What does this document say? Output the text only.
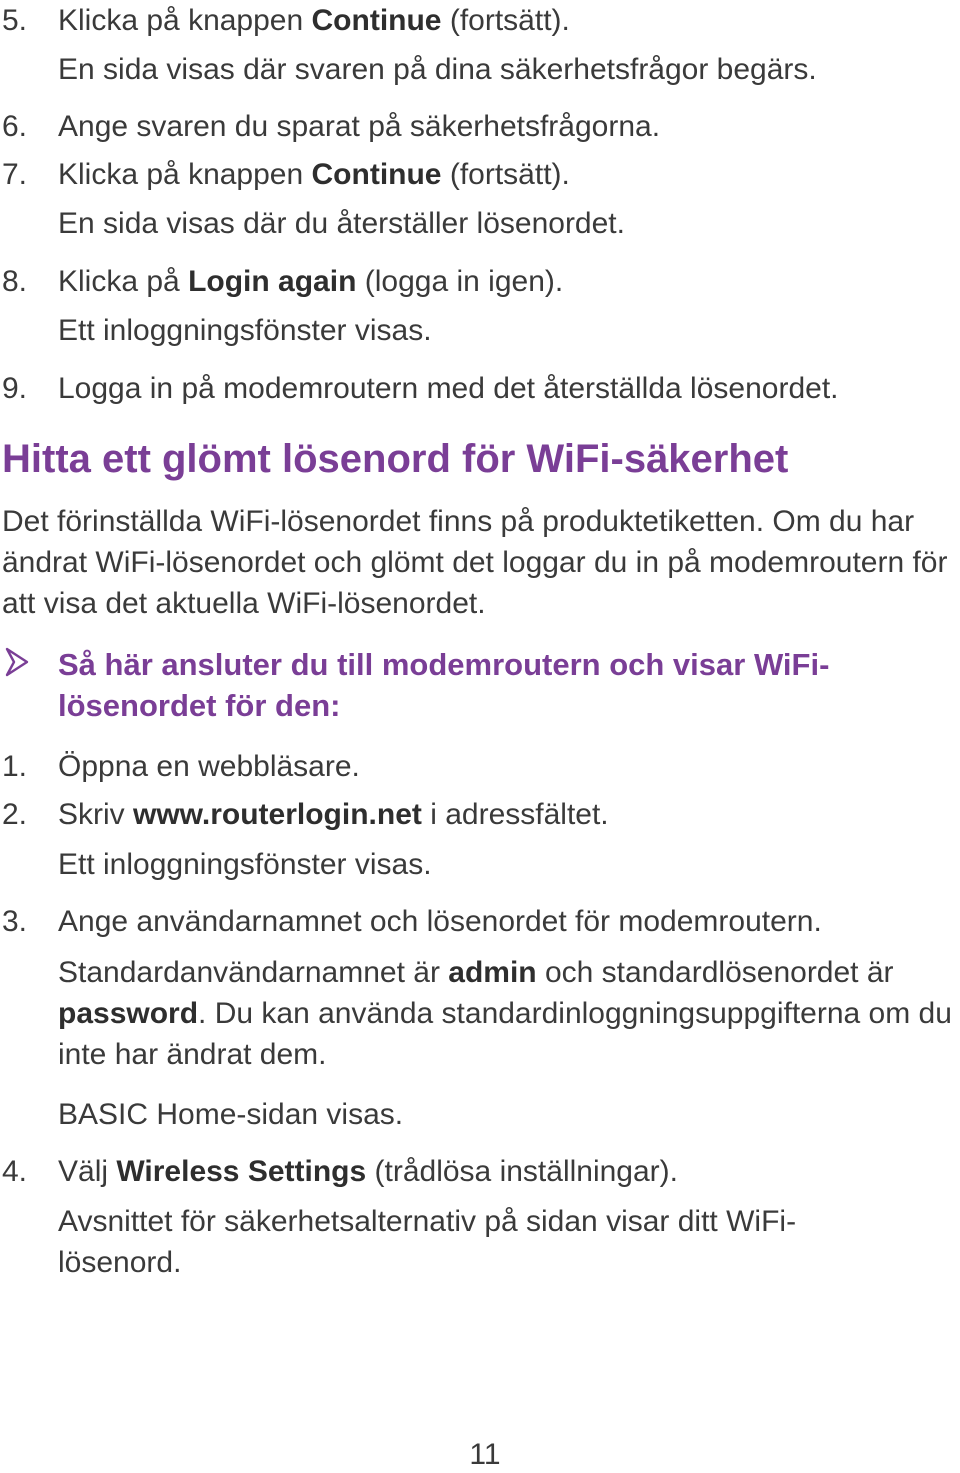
5. Klicka på knappen Continue (fortsätt).
En sida visas där svaren på dina säkerhetsfrågor begärs.
6. Ange svaren du sparat på säkerhetsfrågorna.
7. Klicka på knappen Continue (fortsätt).
En sida visas där du återställer lösenordet.
8. Klicka på Login again (logga in igen).
Ett inloggningsfönster visas.
9. Logga in på modemroutern med det återställda lösenordet.
Hitta ett glömt lösenord för WiFi-säkerhet

Det förinställda WiFi-lösenordet finns på produktetiketten. Om du har ändrat WiFi-lösenordet och glömt det loggar du in på modemroutern för att visa det aktuella WiFi-lösenordet.

Så här ansluter du till modemroutern och visar WiFi-lösenordet för den:
1. Öppna en webbläsare.
2. Skriv www.routerlogin.net i adressfältet.
Ett inloggningsfönster visas.
3. Ange användarnamnet och lösenordet för modemroutern.
Standardanvändarnamnet är admin och standardlösenordet är password. Du kan använda standardinloggningsuppgifterna om du inte har ändrat dem.
BASIC Home-sidan visas.
4. Välj Wireless Settings (trådlösa inställningar).
Avsnittet för säkerhetsalternativ på sidan visar ditt WiFi-lösenord.
11
